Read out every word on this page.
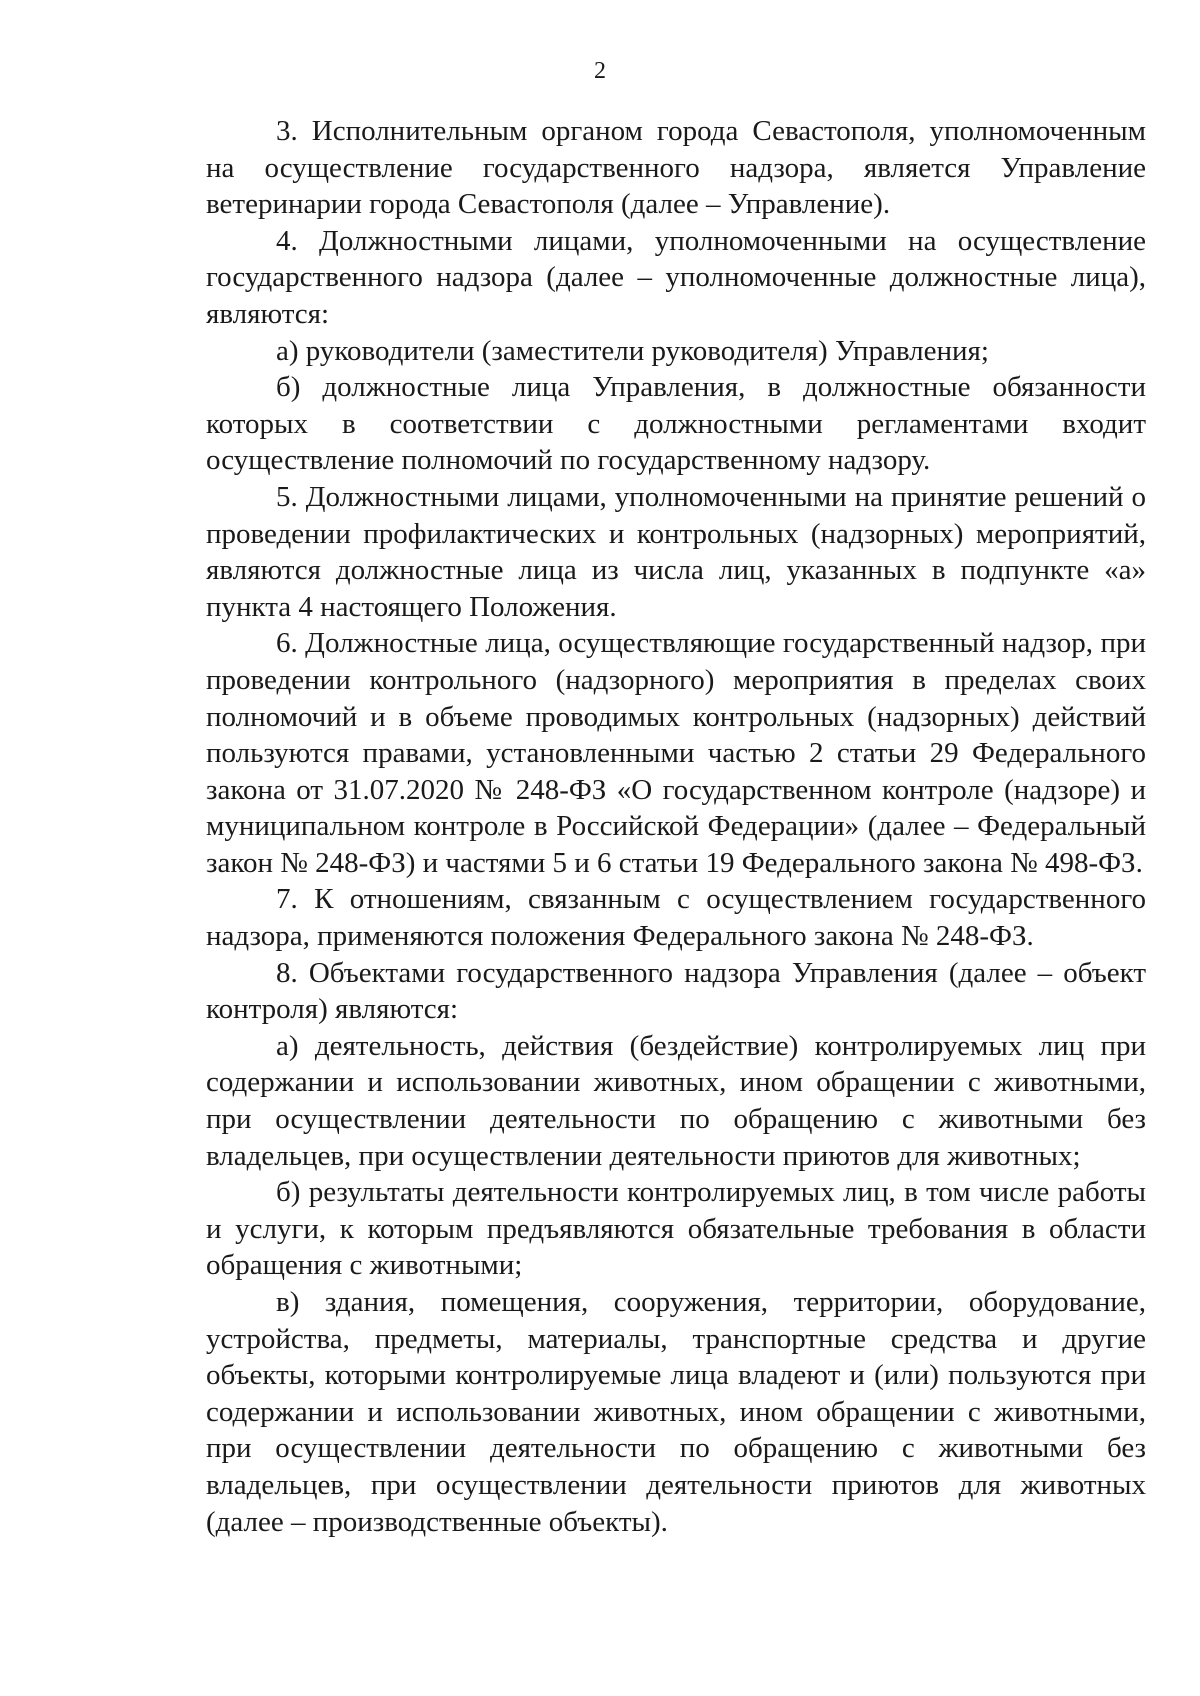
2

3. Исполнительным органом города Севастополя, уполномоченным на осуществление государственного надзора, является Управление ветеринарии города Севастополя (далее – Управление).

4. Должностными лицами, уполномоченными на осуществление государственного надзора (далее – уполномоченные должностные лица), являются:

а) руководители (заместители руководителя) Управления;

б) должностные лица Управления, в должностные обязанности которых в соответствии с должностными регламентами входит осуществление полномочий по государственному надзору.

5. Должностными лицами, уполномоченными на принятие решений о проведении профилактических и контрольных (надзорных) мероприятий, являются должностные лица из числа лиц, указанных в подпункте «а» пункта 4 настоящего Положения.

6. Должностные лица, осуществляющие государственный надзор, при проведении контрольного (надзорного) мероприятия в пределах своих полномочий и в объеме проводимых контрольных (надзорных) действий пользуются правами, установленными частью 2 статьи 29 Федерального закона от 31.07.2020 № 248-ФЗ «О государственном контроле (надзоре) и муниципальном контроле в Российской Федерации» (далее – Федеральный закон № 248-ФЗ) и частями 5 и 6 статьи 19 Федерального закона № 498-ФЗ.

7. К отношениям, связанным с осуществлением государственного надзора, применяются положения Федерального закона № 248-ФЗ.

8. Объектами государственного надзора Управления (далее – объект контроля) являются:

а) деятельность, действия (бездействие) контролируемых лиц при содержании и использовании животных, ином обращении с животными, при осуществлении деятельности по обращению с животными без владельцев, при осуществлении деятельности приютов для животных;

б) результаты деятельности контролируемых лиц, в том числе работы и услуги, к которым предъявляются обязательные требования в области обращения с животными;

в) здания, помещения, сооружения, территории, оборудование, устройства, предметы, материалы, транспортные средства и другие объекты, которыми контролируемые лица владеют и (или) пользуются при содержании и использовании животных, ином обращении с животными, при осуществлении деятельности по обращению с животными без владельцев, при осуществлении деятельности приютов для животных (далее – производственные объекты).
